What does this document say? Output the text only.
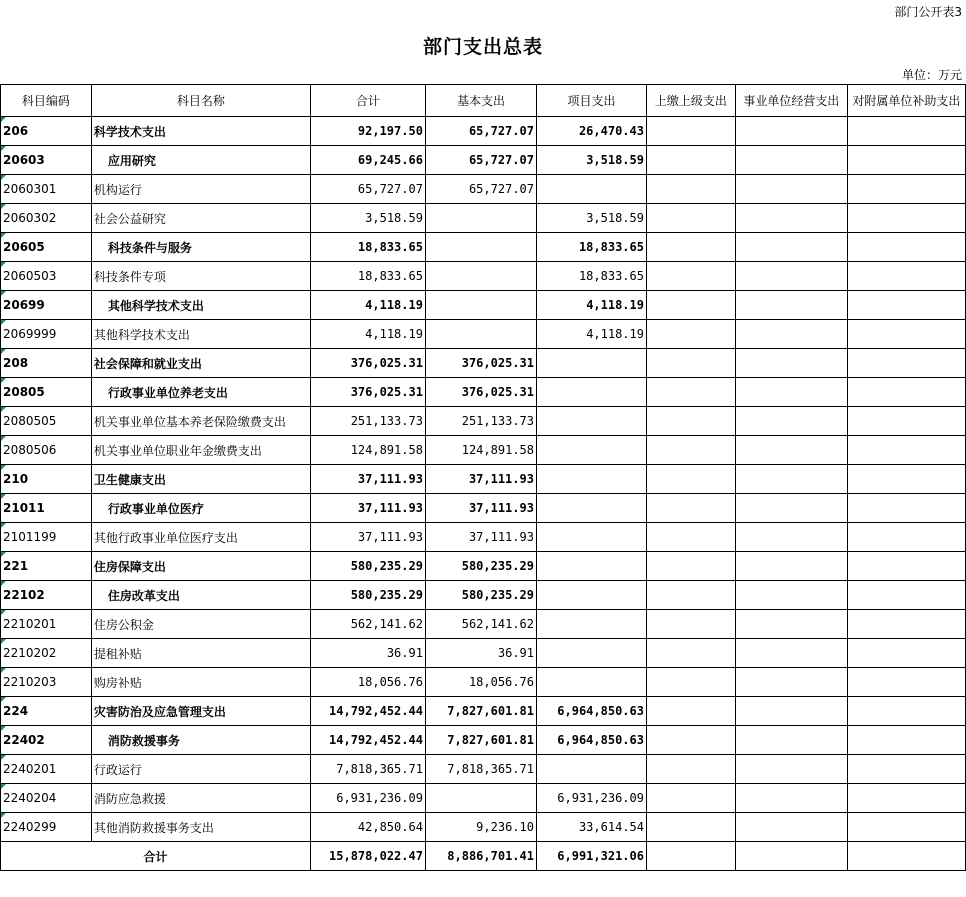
部门公开表3
部门支出总表
单位：万元
科目编码	科目名称	合计	基本支出	项目支出	上缴上级支出	事业单位经营支出	对附属单位补助支出
206	科学技术支出	92,197.50	65,727.07	26,470.43			
20603	应用研究	69,245.66	65,727.07	3,518.59			
2060301	机构运行	65,727.07	65,727.07				
2060302	社会公益研究	3,518.59		3,518.59			
20605	科技条件与服务	18,833.65		18,833.65			
2060503	科技条件专项	18,833.65		18,833.65			
20699	其他科学技术支出	4,118.19		4,118.19			
2069999	其他科学技术支出	4,118.19		4,118.19			
208	社会保障和就业支出	376,025.31	376,025.31				
20805	行政事业单位养老支出	376,025.31	376,025.31				
2080505	机关事业单位基本养老保险缴费支出	251,133.73	251,133.73				
2080506	机关事业单位职业年金缴费支出	124,891.58	124,891.58				
210	卫生健康支出	37,111.93	37,111.93				
21011	行政事业单位医疗	37,111.93	37,111.93				
2101199	其他行政事业单位医疗支出	37,111.93	37,111.93				
221	住房保障支出	580,235.29	580,235.29				
22102	住房改革支出	580,235.29	580,235.29				
2210201	住房公积金	562,141.62	562,141.62				
2210202	提租补贴	36.91	36.91				
2210203	购房补贴	18,056.76	18,056.76				
224	灾害防治及应急管理支出	14,792,452.44	7,827,601.81	6,964,850.63			
22402	消防救援事务	14,792,452.44	7,827,601.81	6,964,850.63			
2240201	行政运行	7,818,365.71	7,818,365.71				
2240204	消防应急救援	6,931,236.09		6,931,236.09			
2240299	其他消防救援事务支出	42,850.64	9,236.10	33,614.54			
合计		15,878,022.47	8,886,701.41	6,991,321.06			
